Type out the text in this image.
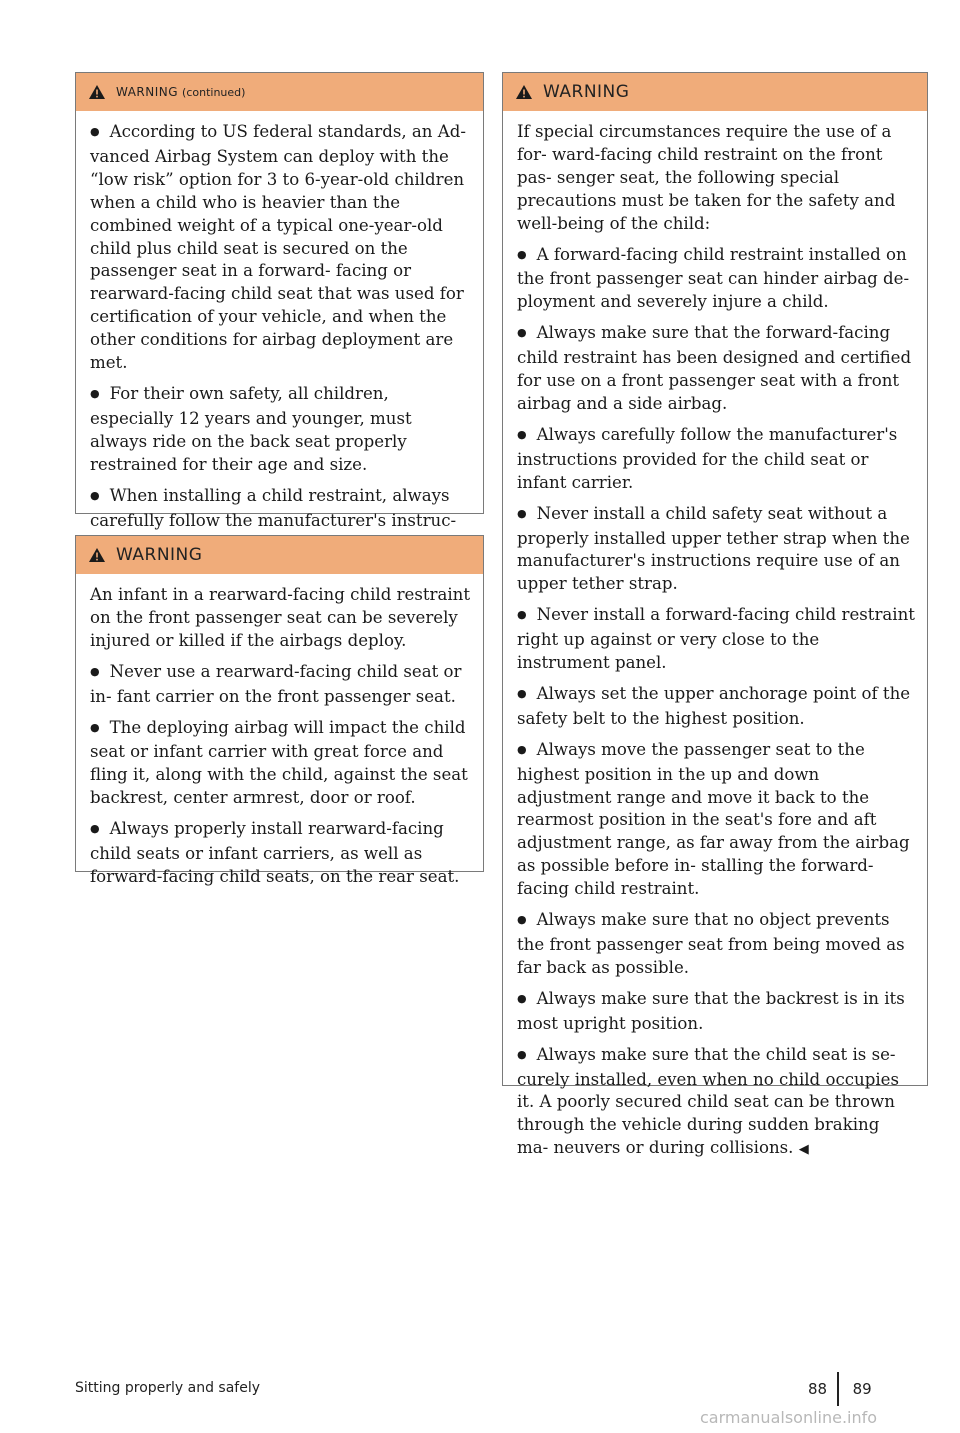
WARNING (continued)

● According to US federal standards, an Ad- vanced Airbag System can deploy with the “low risk” option for 3 to 6-year-old children when a child who is heavier than the combined weight of a typical one-year-old child plus child seat is secured on the passenger seat in a forward- facing or rearward-facing child seat that was used for certification of your vehicle, and when the other conditions for airbag deployment are met.

● For their own safety, all children, especially 12 years and younger, must always ride on the back seat properly restrained for their age and size.

● When installing a child restraint, always carefully follow the manufacturer's instruc-

WARNING

An infant in a rearward-facing child restraint on the front passenger seat can be severely injured or killed if the airbags deploy.

● Never use a rearward-facing child seat or in- fant carrier on the front passenger seat.

● The deploying airbag will impact the child seat or infant carrier with great force and fling it, along with the child, against the seat backrest, center armrest, door or roof.

● Always properly install rearward-facing child seats or infant carriers, as well as forward-facing child seats, on the rear seat.

WARNING

If special circumstances require the use of a for- ward-facing child restraint on the front pas- senger seat, the following special precautions must be taken for the safety and well-being of the child:

● A forward-facing child restraint installed on the front passenger seat can hinder airbag de- ployment and severely injure a child.

● Always make sure that the forward-facing child restraint has been designed and certified for use on a front passenger seat with a front airbag and a side airbag.

● Always carefully follow the manufacturer's instructions provided for the child seat or infant carrier.

● Never install a child safety seat without a properly installed upper tether strap when the manufacturer's instructions require use of an upper tether strap.

● Never install a forward-facing child restraint right up against or very close to the instrument panel.

● Always set the upper anchorage point of the safety belt to the highest position.

● Always move the passenger seat to the highest position in the up and down adjustment range and move it back to the rearmost position in the seat's fore and aft adjustment range, as far away from the airbag as possible before in- stalling the forward-facing child restraint.

● Always make sure that no object prevents the front passenger seat from being moved as far back as possible.

● Always make sure that the backrest is in its most upright position.

● Always make sure that the child seat is se- curely installed, even when no child occupies it. A poorly secured child seat can be thrown through the vehicle during sudden braking ma- neuvers or during collisions. ◀

Sitting properly and safely	88 89
carmanualsonline.info
